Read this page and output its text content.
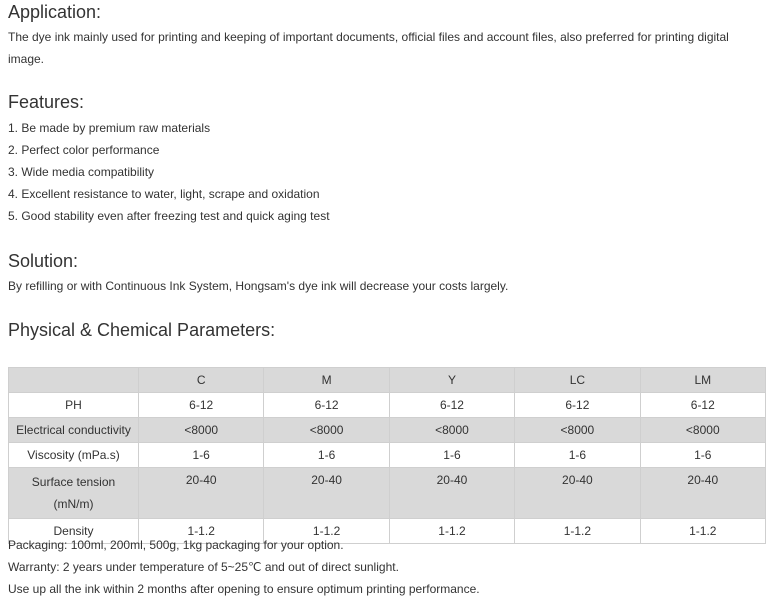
Application:

The dye ink mainly used for printing and keeping of important documents, official files and account files, also preferred for printing digital image.

Features:
1. Be made by premium raw materials
2. Perfect color performance
3. Wide media compatibility
4. Excellent resistance to water, light, scrape and oxidation
5. Good stability even after freezing test and quick aging test
Solution:

By refilling or with Continuous Ink System, Hongsam's dye ink will decrease your costs largely.

Physical & Chemical Parameters:
	C	M	Y	LC	LM
PH	6-12	6-12	6-12	6-12	6-12
Electrical conductivity	<8000	<8000	<8000	<8000	<8000
Viscosity (mPa.s)	1-6	1-6	1-6	1-6	1-6
Surface tension (mN/m)	20-40	20-40	20-40	20-40	20-40
Density	1-1.2	1-1.2	1-1.2	1-1.2	1-1.2
Packaging: 100ml, 200ml, 500g, 1kg packaging for your option.
Warranty: 2 years under temperature of 5~25℃ and out of direct sunlight.
Use up all the ink within 2 months after opening to ensure optimum printing performance.
